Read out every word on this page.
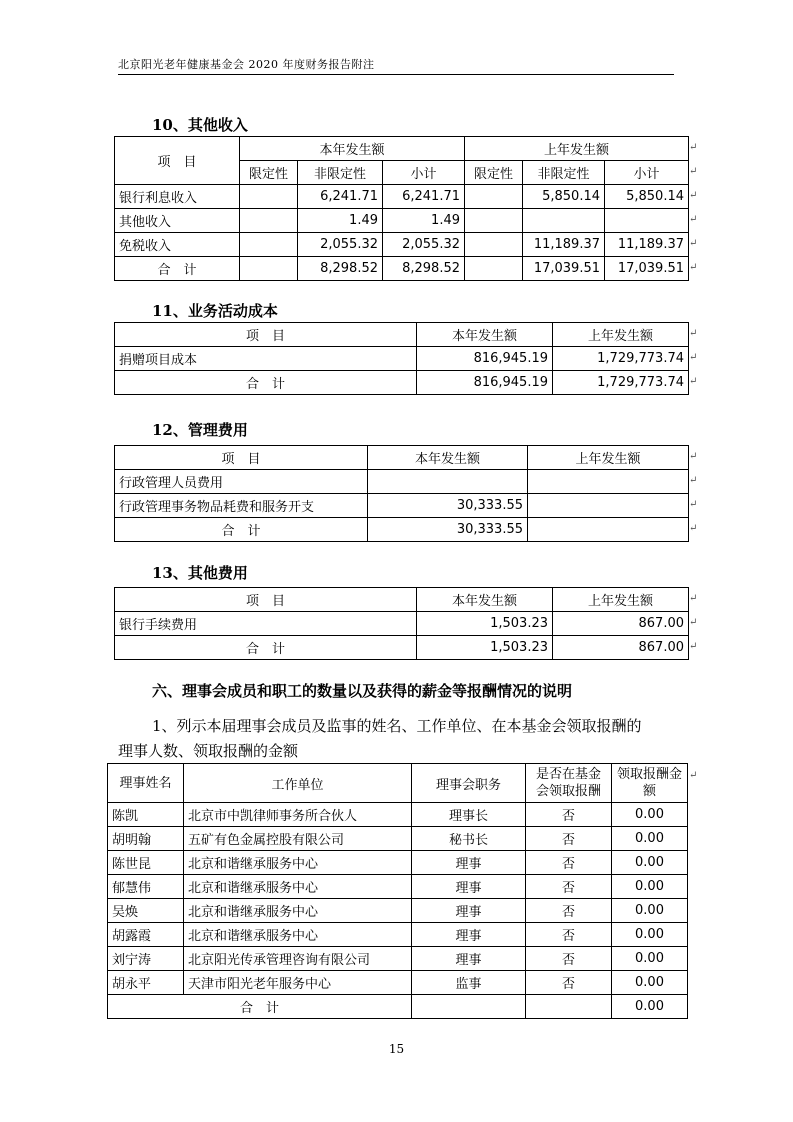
北京阳光老年健康基金会 2020 年度财务报告附注
10、其他收入
项　目	本年发生额			上年发生额		
	限定性	非限定性	小计	限定性	非限定性	小计
银行利息收入		6,241.71	6,241.71		5,850.14	5,850.14
其他收入		1.49	1.49			
免税收入		2,055.32	2,055.32		11,189.37	11,189.37
合　计		8,298.52	8,298.52		17,039.51	17,039.51
11、业务活动成本
项　目	本年发生额	上年发生额
捐赠项目成本	816,945.19	1,729,773.74
合　计	816,945.19	1,729,773.74
12、管理费用
项　目	本年发生额	上年发生额
行政管理人员费用		
行政管理事务物品耗费和服务开支	30,333.55	
合　计	30,333.55	
13、其他费用
项　目	本年发生额	上年发生额
银行手续费用	1,503.23	867.00
合　计	1,503.23	867.00
六、理事会成员和职工的数量以及获得的薪金等报酬情况的说明
1、列示本届理事会成员及监事的姓名、工作单位、在本基金会领取报酬的
理事人数、领取报酬的金额
理事姓名	工作单位	理事会职务	是否在基金会领取报酬	领取报酬金额
陈凯	北京市中凯律师事务所合伙人	理事长	否	0.00
胡明翰	五矿有色金属控股有限公司	秘书长	否	0.00
陈世昆	北京和谐继承服务中心	理事	否	0.00
郁慧伟	北京和谐继承服务中心	理事	否	0.00
吴焕	北京和谐继承服务中心	理事	否	0.00
胡露霞	北京和谐继承服务中心	理事	否	0.00
刘宁涛	北京阳光传承管理咨询有限公司	理事	否	0.00
胡永平	天津市阳光老年服务中心	监事	否	0.00
合　计				0.00
↵
↵
↵
↵
↵
↵
↵
↵
↵
↵
↵
↵
↵
↵
↵
↵
↵
15
